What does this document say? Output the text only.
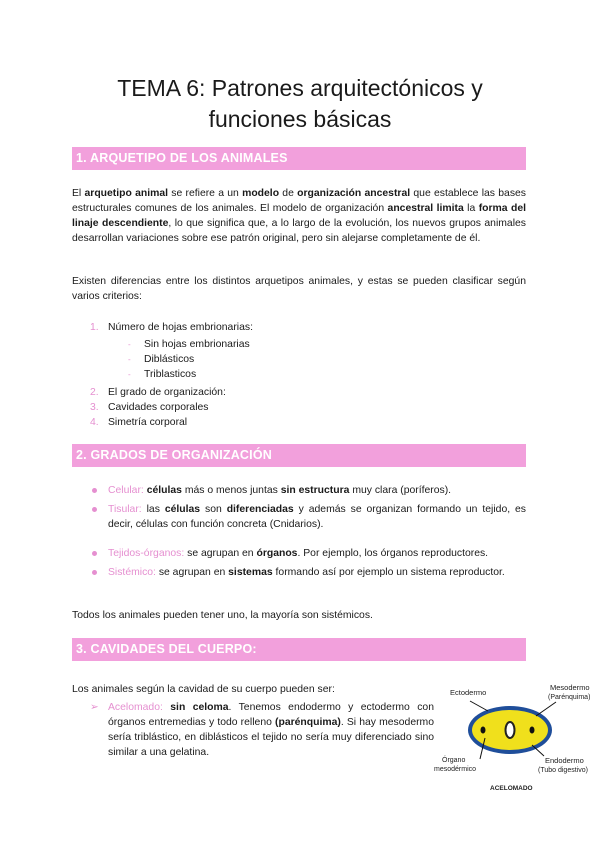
TEMA 6: Patrones arquitectónicos y
funciones básicas
1. ARQUETIPO DE LOS ANIMALES

El arquetipo animal se refiere a un modelo de organización ancestral que establece las bases estructurales comunes de los animales. El modelo de organización ancestral limita la forma del linaje descendiente, lo que significa que, a lo largo de la evolución, los nuevos grupos animales desarrollan variaciones sobre ese patrón original, pero sin alejarse completamente de él.

Existen diferencias entre los distintos arquetipos animales, y estas se pueden clasificar según varios criterios:

1. Número de hojas embrionarias:
- Sin hojas embrionarias
- Diblásticos
- Triblasticos
2. El grado de organización:
3. Cavidades corporales
4. Simetría corporal
2. GRADOS DE ORGANIZACIÓN
Celular: células más o menos juntas sin estructura muy clara (poríferos).
Tisular: las células son diferenciadas y además se organizan formando un tejido, es decir, células con función concreta (Cnidarios).
Tejidos-órganos: se agrupan en órganos. Por ejemplo, los órganos reproductores.
Sistémico: se agrupan en sistemas formando así por ejemplo un sistema reproductor.

Todos los animales pueden tener uno, la mayoría son sistémicos.

3. CAVIDADES DEL CUERPO:

Los animales según la cavidad de su cuerpo pueden ser:

➢ Acelomado: sin celoma. Tenemos endodermo y ectodermo con órganos entremedias y todo relleno (parénquima). Si hay mesodermo sería triblástico, en diblásticos el tejido no sería muy diferenciado sino similar a una gelatina.
Ectodermo
Mesodermo
(Parénquima)
Órgano
mesodérmico
Endodermo
(Tubo digestivo)
ACELOMADO
